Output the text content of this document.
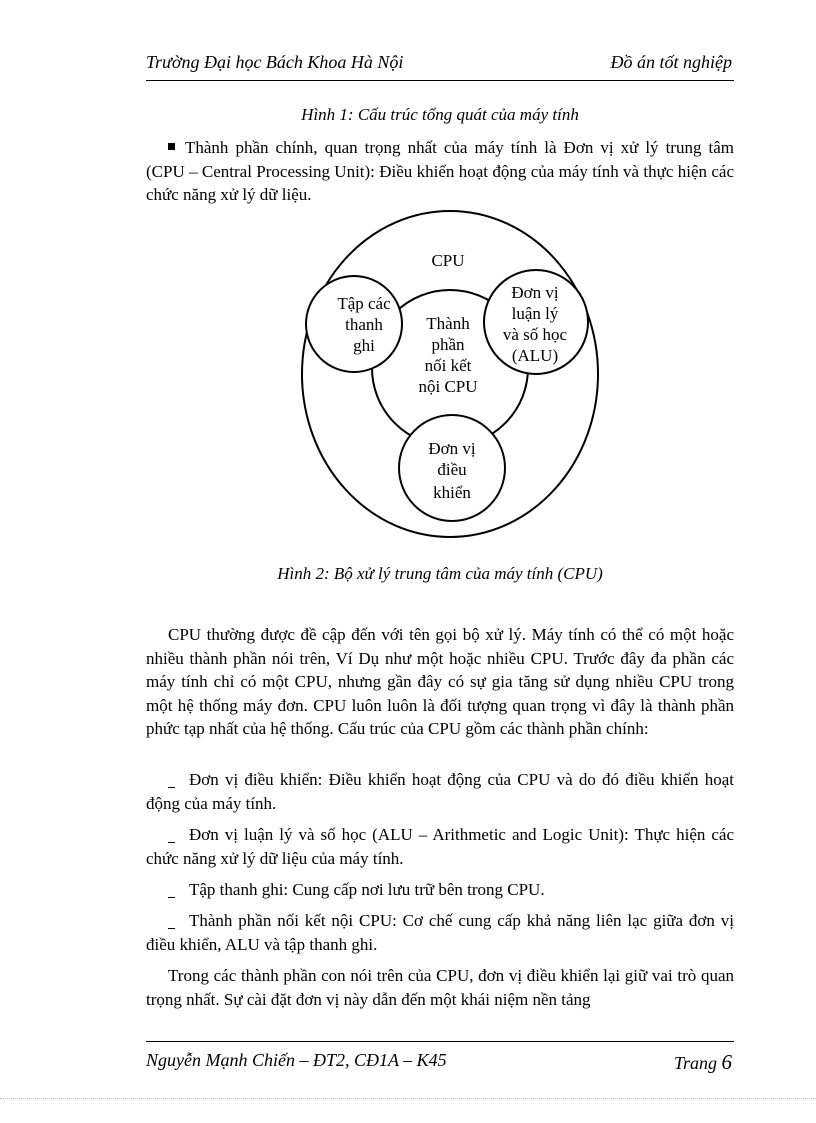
Trường Đại học Bách Khoa Hà Nội	Đồ án tốt nghiệp
Hình 1: Cấu trúc tổng quát của máy tính
Thành phần chính, quan trọng nhất của máy tính là Đơn vị xử lý trung tâm (CPU – Central Processing Unit): Điều khiển hoạt động của máy tính và thực hiện các chức năng xử lý dữ liệu.
CPU
Tập các
thanh
ghi
Thành
phần
nối kết
nội CPU
Đơn vị
luận lý
và số học
(ALU)
Đơn vị
điều
khiển
Hình 2: Bộ xử lý trung tâm của máy tính (CPU)
CPU thường được đề cập đến với tên gọi bộ xử lý. Máy tính có thể có một hoặc nhiều thành phần nói trên, Ví Dụ như một hoặc nhiều CPU. Trước đây đa phần các máy tính chỉ có một CPU, nhưng gần đây có sự gia tăng sử dụng nhiều CPU trong một hệ thống máy đơn. CPU luôn luôn là đối tượng quan trọng vì đây là thành phần phức tạp nhất của hệ thống. Cấu trúc của CPU gồm các thành phần chính:
Đơn vị điều khiển: Điều khiển hoạt động của CPU và do đó điều khiển hoạt động của máy tính.
Đơn vị luận lý và số học (ALU – Arithmetic and Logic Unit): Thực hiện các chức năng xử lý dữ liệu của máy tính.
Tập thanh ghi: Cung cấp nơi lưu trữ bên trong CPU.
Thành phần nối kết nội CPU: Cơ chế cung cấp khả năng liên lạc giữa đơn vị điều khiển, ALU và tập thanh ghi.
Trong các thành phần con nói trên của CPU, đơn vị điều khiển lại giữ vai trò quan trọng nhất. Sự cài đặt đơn vị này dẫn đến một khái niệm nền tảng
Nguyễn Mạnh Chiến – ĐT2, CĐ1A – K45	Trang 6
